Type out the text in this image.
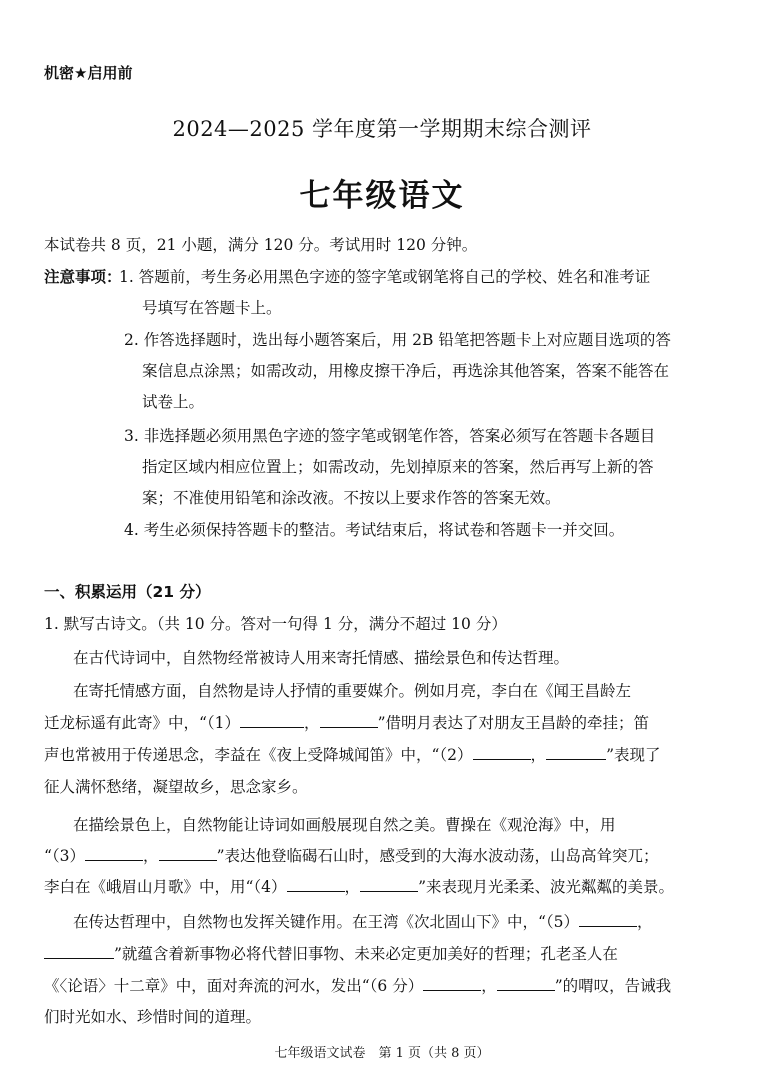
机密★启用前
2024—2025 学年度第一学期期末综合测评
七年级语文
本试卷共 8 页，21 小题，满分 120 分。考试用时 120 分钟。
注意事项：
1. 答题前，考生务必用黑色字迹的签字笔或钢笔将自己的学校、姓名和准考证
号填写在答题卡上。
2. 作答选择题时，选出每小题答案后，用 2B 铅笔把答题卡上对应题目选项的答
案信息点涂黑；如需改动，用橡皮擦干净后，再选涂其他答案，答案不能答在
试卷上。
3. 非选择题必须用黑色字迹的签字笔或钢笔作答，答案必须写在答题卡各题目
指定区域内相应位置上；如需改动，先划掉原来的答案，然后再写上新的答
案；不准使用铅笔和涂改液。不按以上要求作答的答案无效。
4. 考生必须保持答题卡的整洁。考试结束后，将试卷和答题卡一并交回。
一、积累运用（21 分）
1. 默写古诗文。（共 10 分。答对一句得 1 分，满分不超过 10 分）
在古代诗词中，自然物经常被诗人用来寄托情感、描绘景色和传达哲理。
在寄托情感方面，自然物是诗人抒情的重要媒介。例如月亮，李白在《闻王昌龄左
迁龙标遥有此寄》中，“（1）	，	”借明月表达了对朋友王昌龄的牵挂；笛
声也常被用于传递思念，李益在《夜上受降城闻笛》中，“（2）	，	”表现了
征人满怀愁绪，凝望故乡，思念家乡。
在描绘景色上，自然物能让诗词如画般展现自然之美。曹操在《观沧海》中，用
“（3）	，	”表达他登临碣石山时，感受到的大海水波动荡，山岛高耸突兀；
李白在《峨眉山月歌》中，用“（4）	，	”来表现月光柔柔、波光粼粼的美景。
在传达哲理中，自然物也发挥关键作用。在王湾《次北固山下》中，“（5）	，
”就蕴含着新事物必将代替旧事物、未来必定更加美好的哲理；孔老圣人在
《〈论语〉十二章》中，面对奔流的河水，发出“（6 分）	，	”的喟叹，告诫我
们时光如水、珍惜时间的道理。
七年级语文试卷　第 1 页（共 8 页）
